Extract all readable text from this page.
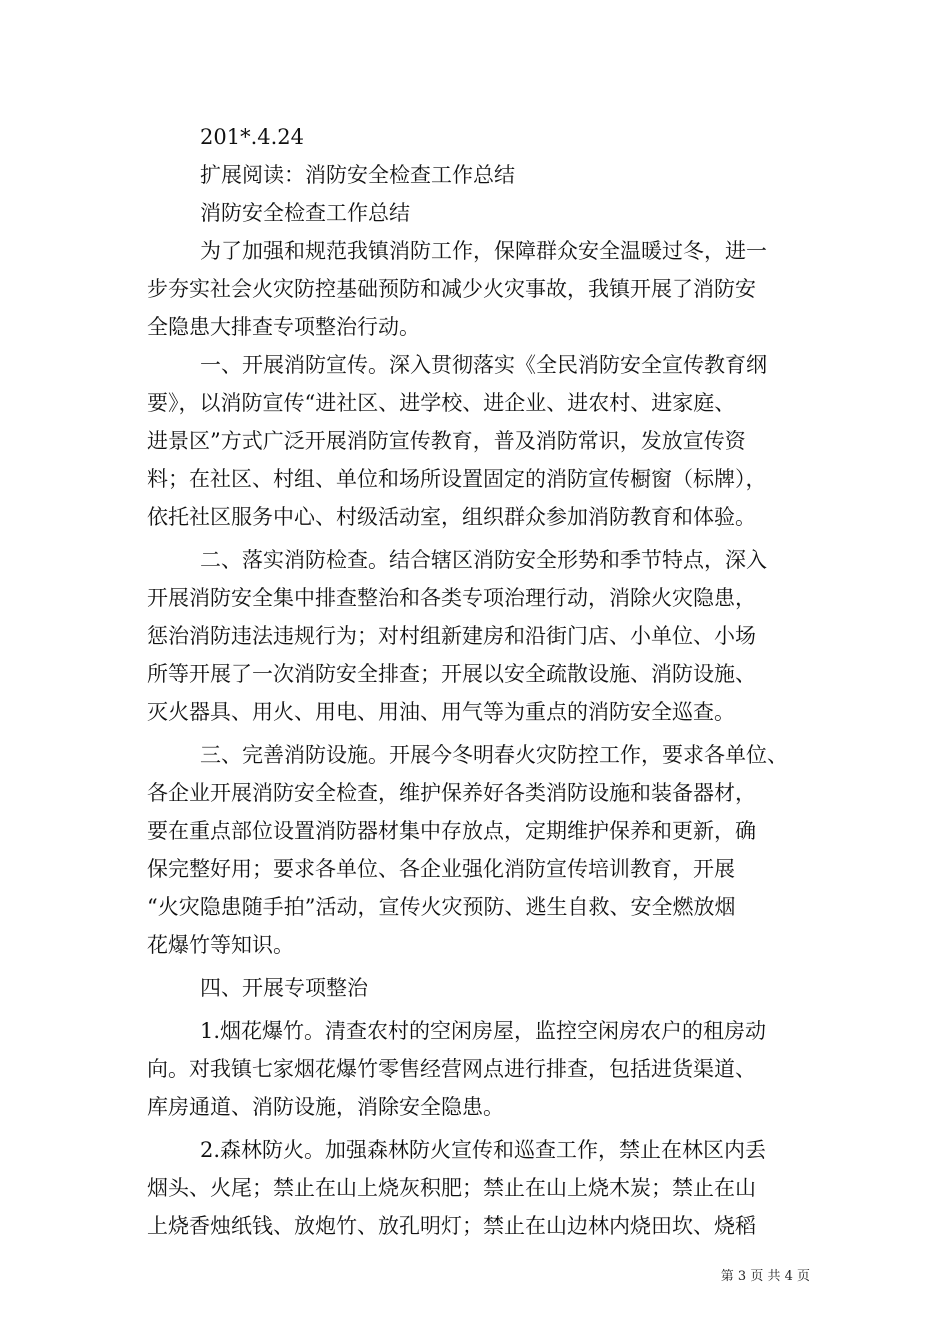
201*.4.24
扩展阅读：消防安全检查工作总结
消防安全检查工作总结
为了加强和规范我镇消防工作，保障群众安全温暖过冬，进一
步夯实社会火灾防控基础预防和减少火灾事故，我镇开展了消防安
全隐患大排查专项整治行动。
一、开展消防宣传。深入贯彻落实《全民消防安全宣传教育纲
要》，以消防宣传“进社区、进学校、进企业、进农村、进家庭、
进景区”方式广泛开展消防宣传教育，普及消防常识，发放宣传资
料；在社区、村组、单位和场所设置固定的消防宣传橱窗（标牌），
依托社区服务中心、村级活动室，组织群众参加消防教育和体验。
二、落实消防检查。结合辖区消防安全形势和季节特点，深入
开展消防安全集中排查整治和各类专项治理行动，消除火灾隐患，
惩治消防违法违规行为；对村组新建房和沿街门店、小单位、小场
所等开展了一次消防安全排查；开展以安全疏散设施、消防设施、
灭火器具、用火、用电、用油、用气等为重点的消防安全巡查。
三、完善消防设施。开展今冬明春火灾防控工作，要求各单位、
各企业开展消防安全检查，维护保养好各类消防设施和装备器材，
要在重点部位设置消防器材集中存放点，定期维护保养和更新，确
保完整好用；要求各单位、各企业强化消防宣传培训教育，开展
“火灾隐患随手拍”活动，宣传火灾预防、逃生自救、安全燃放烟
花爆竹等知识。
四、开展专项整治
1.烟花爆竹。清查农村的空闲房屋，监控空闲房农户的租房动
向。对我镇七家烟花爆竹零售经营网点进行排查，包括进货渠道、
库房通道、消防设施，消除安全隐患。
2.森林防火。加强森林防火宣传和巡查工作，禁止在林区内丢
烟头、火尾；禁止在山上烧灰积肥；禁止在山上烧木炭；禁止在山
上烧香烛纸钱、放炮竹、放孔明灯；禁止在山边林内烧田坎、烧稻
第 3 页 共 4 页
